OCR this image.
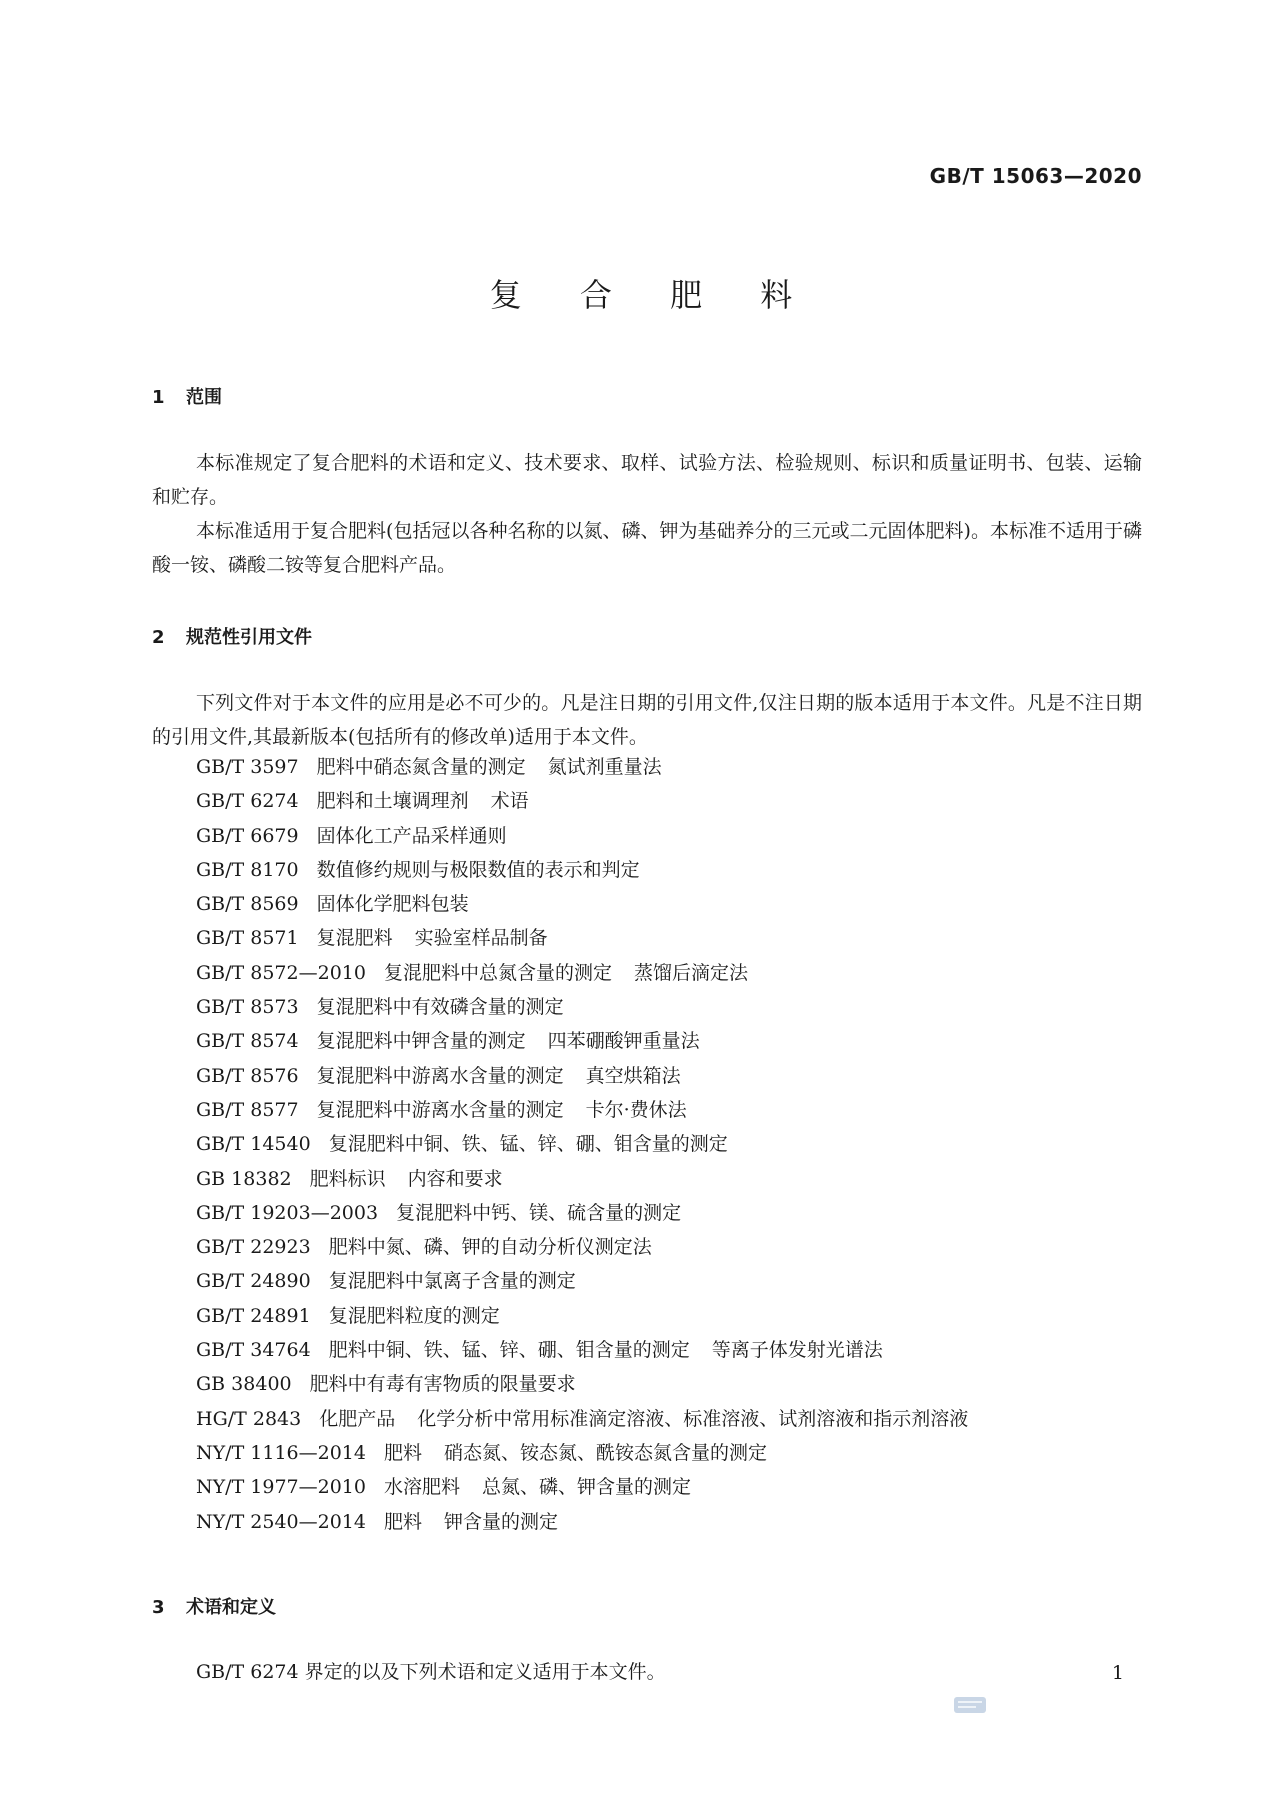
GB/T 15063—2020
复 合 肥 料
1 范围

本标准规定了复合肥料的术语和定义、技术要求、取样、试验方法、检验规则、标识和质量证明书、包装、运输和贮存。

本标准适用于复合肥料(包括冠以各种名称的以氮、磷、钾为基础养分的三元或二元固体肥料)。本标准不适用于磷酸一铵、磷酸二铵等复合肥料产品。

2 规范性引用文件

下列文件对于本文件的应用是必不可少的。凡是注日期的引用文件,仅注日期的版本适用于本文件。凡是不注日期的引用文件,其最新版本(包括所有的修改单)适用于本文件。

GB/T 3597 肥料中硝态氮含量的测定 氮试剂重量法
GB/T 6274 肥料和土壤调理剂 术语
GB/T 6679 固体化工产品采样通则
GB/T 8170 数值修约规则与极限数值的表示和判定
GB/T 8569 固体化学肥料包装
GB/T 8571 复混肥料 实验室样品制备
GB/T 8572—2010 复混肥料中总氮含量的测定 蒸馏后滴定法
GB/T 8573 复混肥料中有效磷含量的测定
GB/T 8574 复混肥料中钾含量的测定 四苯硼酸钾重量法
GB/T 8576 复混肥料中游离水含量的测定 真空烘箱法
GB/T 8577 复混肥料中游离水含量的测定 卡尔·费休法
GB/T 14540 复混肥料中铜、铁、锰、锌、硼、钼含量的测定
GB 18382 肥料标识 内容和要求
GB/T 19203—2003 复混肥料中钙、镁、硫含量的测定
GB/T 22923 肥料中氮、磷、钾的自动分析仪测定法
GB/T 24890 复混肥料中氯离子含量的测定
GB/T 24891 复混肥料粒度的测定
GB/T 34764 肥料中铜、铁、锰、锌、硼、钼含量的测定 等离子体发射光谱法
GB 38400 肥料中有毒有害物质的限量要求
HG/T 2843 化肥产品 化学分析中常用标准滴定溶液、标准溶液、试剂溶液和指示剂溶液
NY/T 1116—2014 肥料 硝态氮、铵态氮、酰铵态氮含量的测定
NY/T 1977—2010 水溶肥料 总氮、磷、钾含量的测定
NY/T 2540—2014 肥料 钾含量的测定
3 术语和定义

GB/T 6274 界定的以及下列术语和定义适用于本文件。	1
